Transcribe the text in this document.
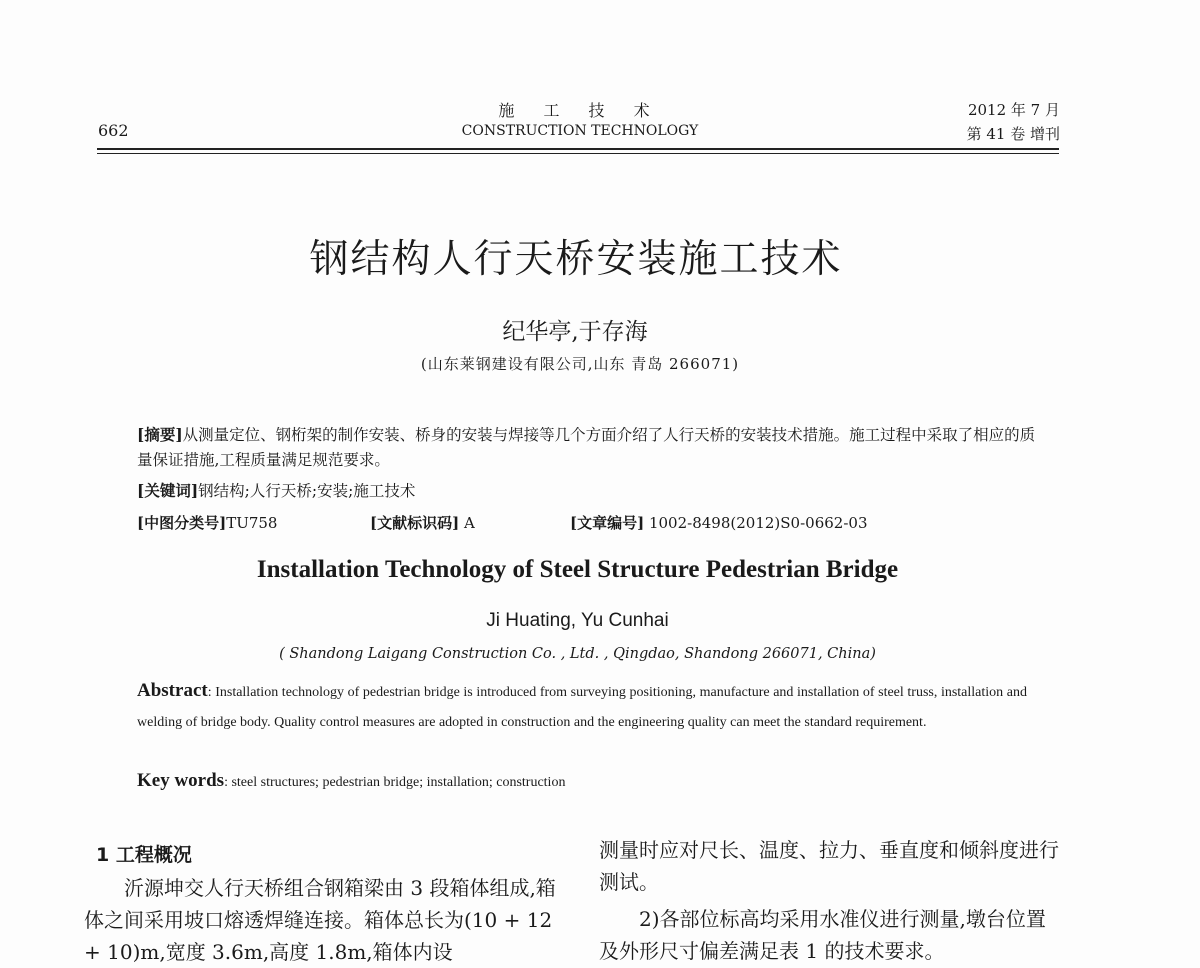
662
施 工 技 术
CONSTRUCTION TECHNOLOGY
2012 年 7 月
第 41 卷 增刊
钢结构人行天桥安装施工技术
纪华亭,于存海
(山东莱钢建设有限公司,山东 青岛 266071)
[摘要]从测量定位、钢桁架的制作安装、桥身的安装与焊接等几个方面介绍了人行天桥的安装技术措施。施工过程中采取了相应的质量保证措施,工程质量满足规范要求。
[关键词]钢结构;人行天桥;安装;施工技术
[中图分类号]TU758	[文献标识码] A	[文章编号] 1002-8498(2012)S0-0662-03
Installation Technology of Steel Structure Pedestrian Bridge
Ji Huating, Yu Cunhai
( Shandong Laigang Construction Co. , Ltd. , Qingdao, Shandong 266071, China)
Abstract: Installation technology of pedestrian bridge is introduced from surveying positioning, manufacture and installation of steel truss, installation and welding of bridge body. Quality control measures are adopted in construction and the engineering quality can meet the standard requirement.
Key words: steel structures; pedestrian bridge; installation; construction
1 工程概况

沂源坤交人行天桥组合钢箱梁由 3 段箱体组成,箱体之间采用坡口熔透焊缝连接。箱体总长为(10 + 12 + 10)m,宽度 3.6m,高度 1.8m,箱体内设

测量时应对尺长、温度、拉力、垂直度和倾斜度进行测试。

2)各部位标高均采用水准仪进行测量,墩台位置及外形尺寸偏差满足表 1 的技术要求。
